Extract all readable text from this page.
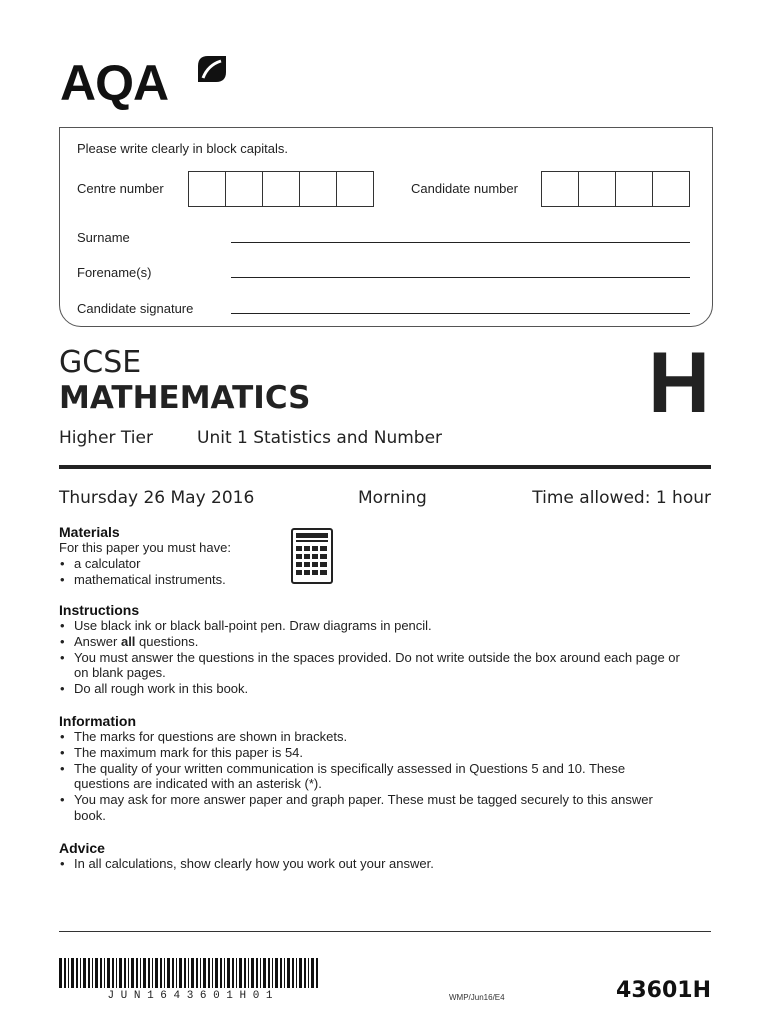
AQA
Please write clearly in block capitals.
Centre number	Candidate number
Surname
Forename(s)
Candidate signature
GCSE
MATHEMATICS	H
Higher Tier	Unit 1 Statistics and Number
Thursday 26 May 2016	Morning	Time allowed: 1 hour
Materials
For this paper you must have:
• a calculator
• mathematical instruments.
Instructions
• Use black ink or black ball-point pen. Draw diagrams in pencil.
• Answer all questions.
• You must answer the questions in the spaces provided. Do not write outside the box around each page or on blank pages.
• Do all rough work in this book.
Information
• The marks for questions are shown in brackets.
• The maximum mark for this paper is 54.
• The quality of your written communication is specifically assessed in Questions 5 and 10. These questions are indicated with an asterisk (*).
• You may ask for more answer paper and graph paper. These must be tagged securely to this answer book.
Advice
• In all calculations, show clearly how you work out your answer.
J U N 1 6 4 3 6 0 1 H 0 1	WMP/Jun16/E4	43601H
